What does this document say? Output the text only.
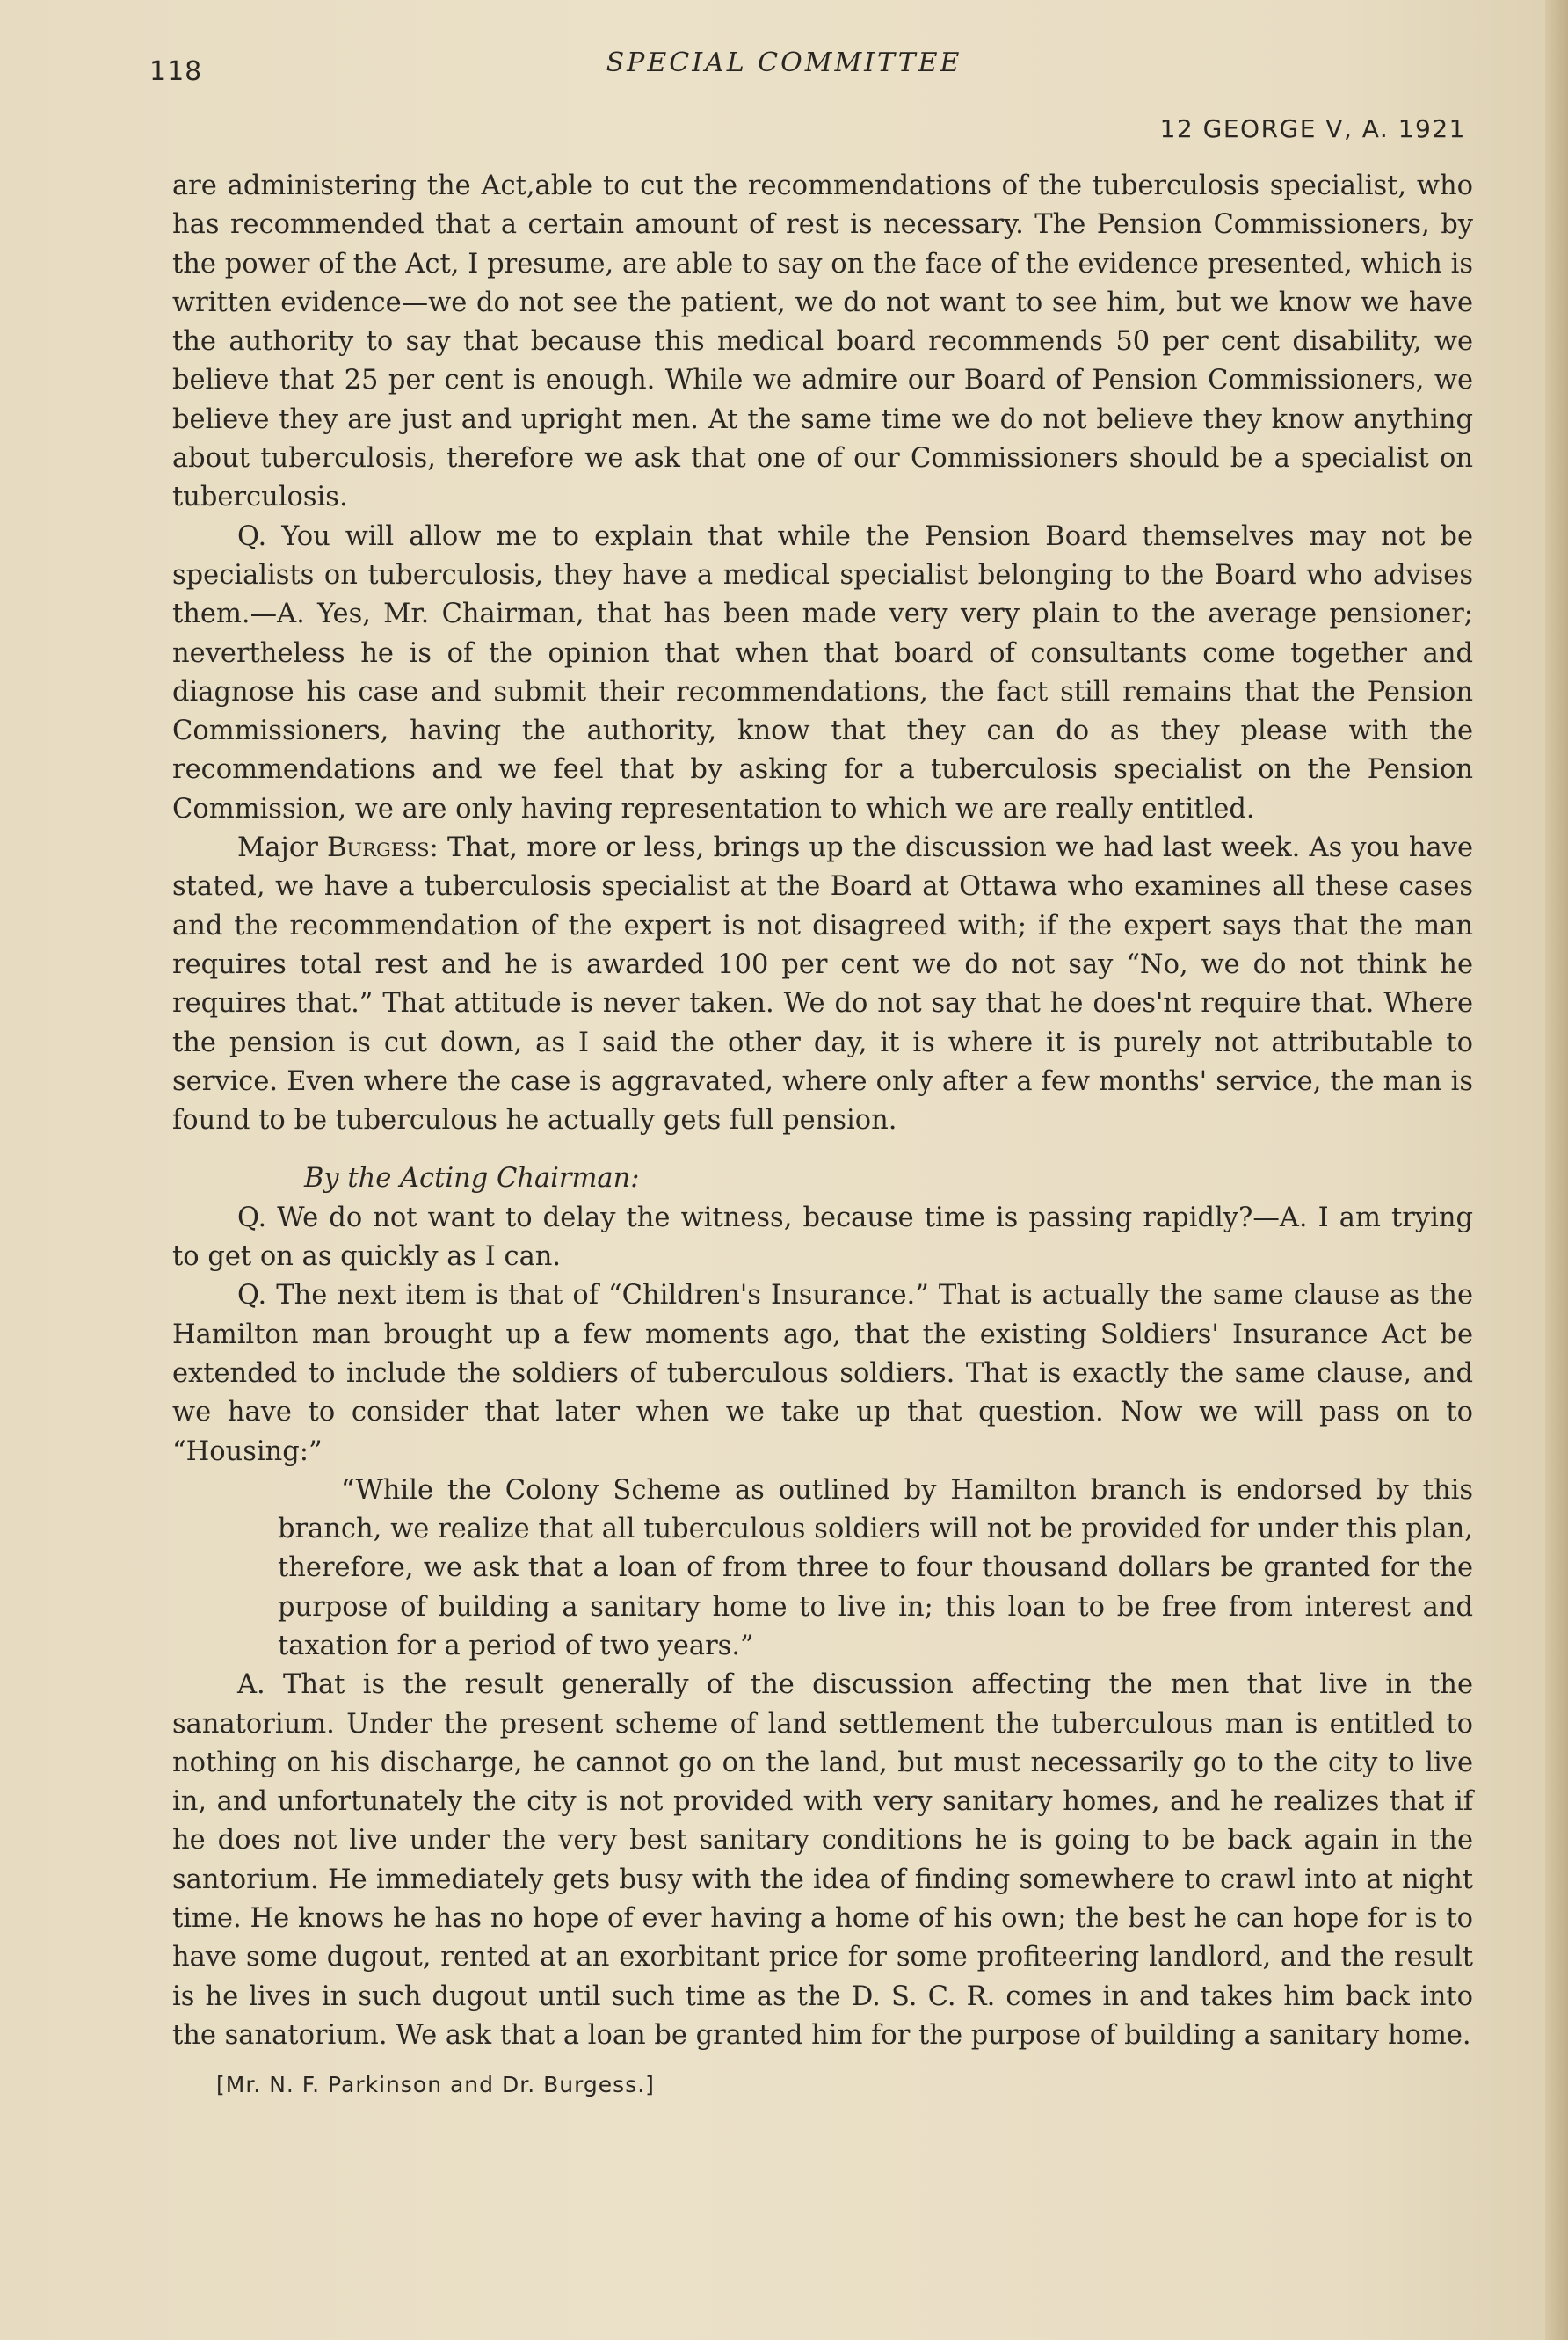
118	SPECIAL COMMITTEE
12 GEORGE V, A. 1921

are administering the Act,able to cut the recommendations of the tuberculosis specialist, who has recommended that a certain amount of rest is necessary. The Pension Commissioners, by the power of the Act, I presume, are able to say on the face of the evidence presented, which is written evidence—we do not see the patient, we do not want to see him, but we know we have the authority to say that because this medical board recommends 50 per cent disability, we believe that 25 per cent is enough. While we admire our Board of Pension Commissioners, we believe they are just and upright men. At the same time we do not believe they know anything about tuberculosis, therefore we ask that one of our Commissioners should be a specialist on tuberculosis.

Q. You will allow me to explain that while the Pension Board themselves may not be specialists on tuberculosis, they have a medical specialist belonging to the Board who advises them.—A. Yes, Mr. Chairman, that has been made very very plain to the average pensioner; nevertheless he is of the opinion that when that board of consultants come together and diagnose his case and submit their recommendations, the fact still remains that the Pension Commissioners, having the authority, know that they can do as they please with the recommendations and we feel that by asking for a tuberculosis specialist on the Pension Commission, we are only having representation to which we are really entitled.

Major Burgess: That, more or less, brings up the discussion we had last week. As you have stated, we have a tuberculosis specialist at the Board at Ottawa who examines all these cases and the recommendation of the expert is not disagreed with; if the expert says that the man requires total rest and he is awarded 100 per cent we do not say “No, we do not think he requires that.” That attitude is never taken. We do not say that he does'nt require that. Where the pension is cut down, as I said the other day, it is where it is purely not attributable to service. Even where the case is aggravated, where only after a few months' service, the man is found to be tuberculous he actually gets full pension.

By the Acting Chairman:

Q. We do not want to delay the witness, because time is passing rapidly?—A. I am trying to get on as quickly as I can.

Q. The next item is that of “Children's Insurance.” That is actually the same clause as the Hamilton man brought up a few moments ago, that the existing Soldiers' Insurance Act be extended to include the soldiers of tuberculous soldiers. That is exactly the same clause, and we have to consider that later when we take up that question. Now we will pass on to “Housing:”

“While the Colony Scheme as outlined by Hamilton branch is endorsed by this branch, we realize that all tuberculous soldiers will not be provided for under this plan, therefore, we ask that a loan of from three to four thousand dollars be granted for the purpose of building a sanitary home to live in; this loan to be free from interest and taxation for a period of two years.”

A. That is the result generally of the discussion affecting the men that live in the sanatorium. Under the present scheme of land settlement the tuberculous man is entitled to nothing on his discharge, he cannot go on the land, but must necessarily go to the city to live in, and unfortunately the city is not provided with very sanitary homes, and he realizes that if he does not live under the very best sanitary conditions he is going to be back again in the santorium. He immediately gets busy with the idea of finding somewhere to crawl into at night time. He knows he has no hope of ever having a home of his own; the best he can hope for is to have some dugout, rented at an exorbitant price for some profiteering landlord, and the result is he lives in such dugout until such time as the D. S. C. R. comes in and takes him back into the sanatorium. We ask that a loan be granted him for the purpose of building a sanitary home.

[Mr. N. F. Parkinson and Dr. Burgess.]
